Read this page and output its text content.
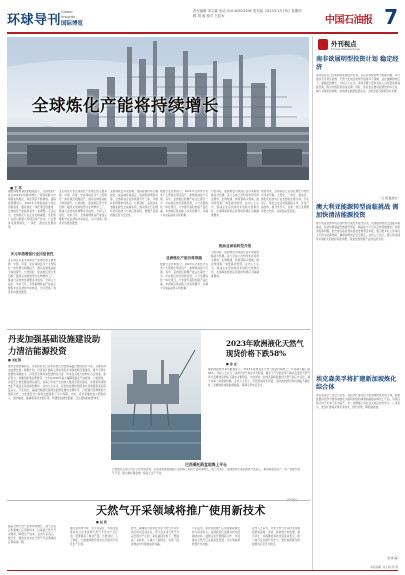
环球导刊
Global Insights
国际博览
责任编辑 刘义霖 电话 010-64523398 美术编辑 胡 蓉 校对 王辰禾
2023年1月19日 星期四
中国石油报 7
全球炼化产能将持续增长
■ 王 邦
据国际能源署预测数据显示，全球炼油产能在2023年将继续增长。特别是新兴市场国家和地区，炼化项目不断增加。国际能源署表示，2023年全球炼油能力将达到新高度，随着炼化一体化项目的推进，全球炼化产能格局将进一步调整。专家认为，全球炼化行业正在加速重组，老旧炼厂关停与新建大型项目投产并存，行业整体呈现规模化、一体化、清洁化发展趋势。
多元举措增强行业回复韧性
亚太地区仍是全球炼化产能增长的主要来源。中国、印度、中东等地区多个大型炼化一体化项目相继投产，推动区域炼油能力持续提升。与此同时，欧美地区部分老旧炼厂陆续关闭或转型为生物燃料工厂，炼油行业结构性调整步伐加快。分析人士指出，未来几年，全球新增炼油产能将主要集中在亚洲和中东地区，出口型炼厂的竞争将更加激烈。
亚太地区仍是全球炼化产能增长的主要来源。中国、印度、中东等地区多个大型炼化一体化项目相继投产，推动区域炼油能力持续提升。与此同时，欧美地区部分老旧炼厂陆续关闭或转型为生物燃料工厂，炼油行业结构性调整步伐加快。分析人士指出，未来几年，全球新增炼油产能将主要集中在亚洲和中东地区，出口型炼厂的竞争将更加激烈。
受地缘政治冲突影响，国际能源市场大幅波动，成品油价格高企，炼油利润明显改善。全球炼油企业积极提升开工率，多措并举保障市场供应。与此同时，各国也在加强能源安全战略布局，推动炼化行业提升抗风险能力与供应链韧性，增强产业链的稳定性与安全性。
根据行业机构统计，2023年全球预计有多个大型炼化项目投产，新增炼油能力可观。其中，亚洲地区新增产能占比超过一半。中东地区依托资源优势，大力发展炼化一体化项目，力争提升高附加值产品比重。非洲地区炼油能力也有望提升，以减少对成品油进口的依赖。
亚洲炼化产能仍将领跑
根据行业机构统计，2023年全球预计有多个大型炼化项目投产，新增炼油能力可观。其中，亚洲地区新增产能占比超过一半。中东地区依托资源优势，大力发展炼化一体化项目，力争提升高附加值产品比重。非洲地区炼油能力也有望提升，以减少对成品油进口的依赖。
与此同时，能源转型为炼油行业带来新的挑战与机遇。各大石油公司纷纷布局可再生燃料、生物航煤、绿氢等新兴领域，推动传统炼厂向低碳化转型。业内人士认为，炼油企业需加快技术创新与结构优化，在保障能源供应的同时积极应对碳减排要求。
炼油业面临转型升级
与此同时，能源转型为炼油行业带来新的挑战与机遇。各大石油公司纷纷布局可再生燃料、生物航煤、绿氢等新兴领域，推动传统炼厂向低碳化转型。业内人士认为，炼油企业需加快技术创新与结构优化，在保障能源供应的同时积极应对碳减排要求。
展望未来，全球炼化行业将在增长与转型中寻求平衡。大型化、一体化、智能化、绿色化将成为行业发展的主要方向。专家表示，炼化企业应加强国际合作，优化产品结构，提升竞争力，在新一轮行业调整中抢占先机，实现高质量发展。
外刊视点
Foreign Perspectives
南非欲展明型投资计划 稳定经济
南非政府近日宣布新的能源投资计划，以应对持续的电力短缺问题。该计划涉及可再生能源、天然气发电及电网升级等多个领域，旨在缓解限电压力，提振经济增长。分析人士认为，南非需要大量资金投入以改善能源基础设施，吸引外国投资将是关键。同时，政府也在推动能源结构多元化，减少对煤炭的依赖，加快清洁能源发展步伐，为经济复苏提供坚实支撑。
（文 据 路透社）
澳大利亚能源转型面临挑战 需加快清洁能源投资
澳大利亚能源市场运营机构日前发布报告指出，该国能源转型正面临多重挑战，包括电网基础设施建设滞后、储能能力不足以及传统燃煤电厂加速退役等问题。报告建议政府加快清洁能源项目审批，吸引更多私人资本投入可再生能源领域，确保能源供应安全稳定。业内人士表示，澳大利亚拥有丰富的太阳能和风能资源，具备发展绿氢产业的良好条件。
埃克森美孚将扩建新加坡炼化综合体
埃克森美孚公司近日宣布，将投资扩建其位于新加坡的炼化综合体，新建装置将把部分燃料油转化为高附加值的润滑油基础油和化工产品。该项目预计将于未来几年内投产，进一步增强公司在亚太地区的竞争力。公司表示，此次扩建将采用先进技术，提升能效，降低碳排放。
（张译 编）
丹麦加强基础设施建设助力清洁能源投资
■ 刘红钢
据丹麦能源署消息，丹麦政府近日宣布将加大对能源基础设施的投资力度，以推动清洁能源发展。根据计划，丹麦将扩建海上风电项目并加强电网互联建设，提升可再生能源的消纳能力。丹麦是全球风电发展的先行者，风电在其电力结构中占比较高。政府表示，将继续推进能源转型，力争在2030年前大幅降低温室气体排放。与此同时，丹麦还计划发展能源岛项目，将海上风电产生的电力输送至周边国家，并探索利用绿电生产氢能及其他绿色燃料。业内人士认为，丹麦的能源转型经验对其他国家具有借鉴意义。专家指出，基础设施建设是清洁能源发展的关键环节，丹麦通过统筹规划与国际合作，为能源安全与绿色发展提供了有力保障。未来，丹麦将继续加大研发投入，推动储能、碳捕集等技术的应用，构建更加清洁低碳、安全高效的能源体系。
巴西桑托斯盆地海上平台
巴西国家石油公司近日发布消息称，其在桑托斯盆地盐下层的海上油田产量持续增长。该公司表示，将继续加大深水勘探开发投入，推动新项目投产，进一步提升油气产量。图为桑托斯盆地一座海上生产平台。
2023年欧洲液化天然气现货价格下跌58%
■ 孙 亚
据欧洲能源交易所数据显示，2023年欧洲液化天然气现货价格较上一年同期大幅下跌58%。分析人士认为，欧洲天然气库存水平较高、暖冬天气导致需求下降以及液化天然气进口量增加是价格下跌的主要原因。与此同时，欧洲各国积极推进天然气供应多元化，减少对单一来源的依赖。业内人士表示，尽管价格有所回落，但欧洲能源市场仍面临不确定性，需要继续加强能源储备，保障冬季供应安全。
天然气开采领域将推广使用新技术
■ 赵 欣
随着全球天然气需求持续增长，油气企业正积极推广应用新技术，以提高天然气开采效率，降低生产成本。业内专家表示，数字化、智能化技术在天然气开采领域的应用前景广阔。
据行业机构分析，水平井钻井、多级压裂等技术已在非常规天然气开发中广泛应用，显著提高了单井产量。与此同时，人工智能、大数据等数字技术也开始用于优化生产运营。
此外，碳捕集与封存技术在天然气开采中的应用也受到关注。部分企业将天然气开采过程中产生的二氧化碳回注地下，既提高了采收率，又减少了碳排放，实现了经济效益与环境效益的双赢。
专家指出，新技术的推广应用需要政策支持与资金投入。各国政府应加强对技术创新的扶持，鼓励企业开展国际合作，共同推动天然气行业高质量发展，为全球能源转型作出贡献。
业内人士认为，未来天然气开采技术将朝着更加高效、清洁、智能的方向发展，数字孪生、远程操控等技术将逐步普及，助力油气企业提升竞争力，更好地保障全球能源供应安全与稳定。
本版编辑 刘义霖 胡 蓉
